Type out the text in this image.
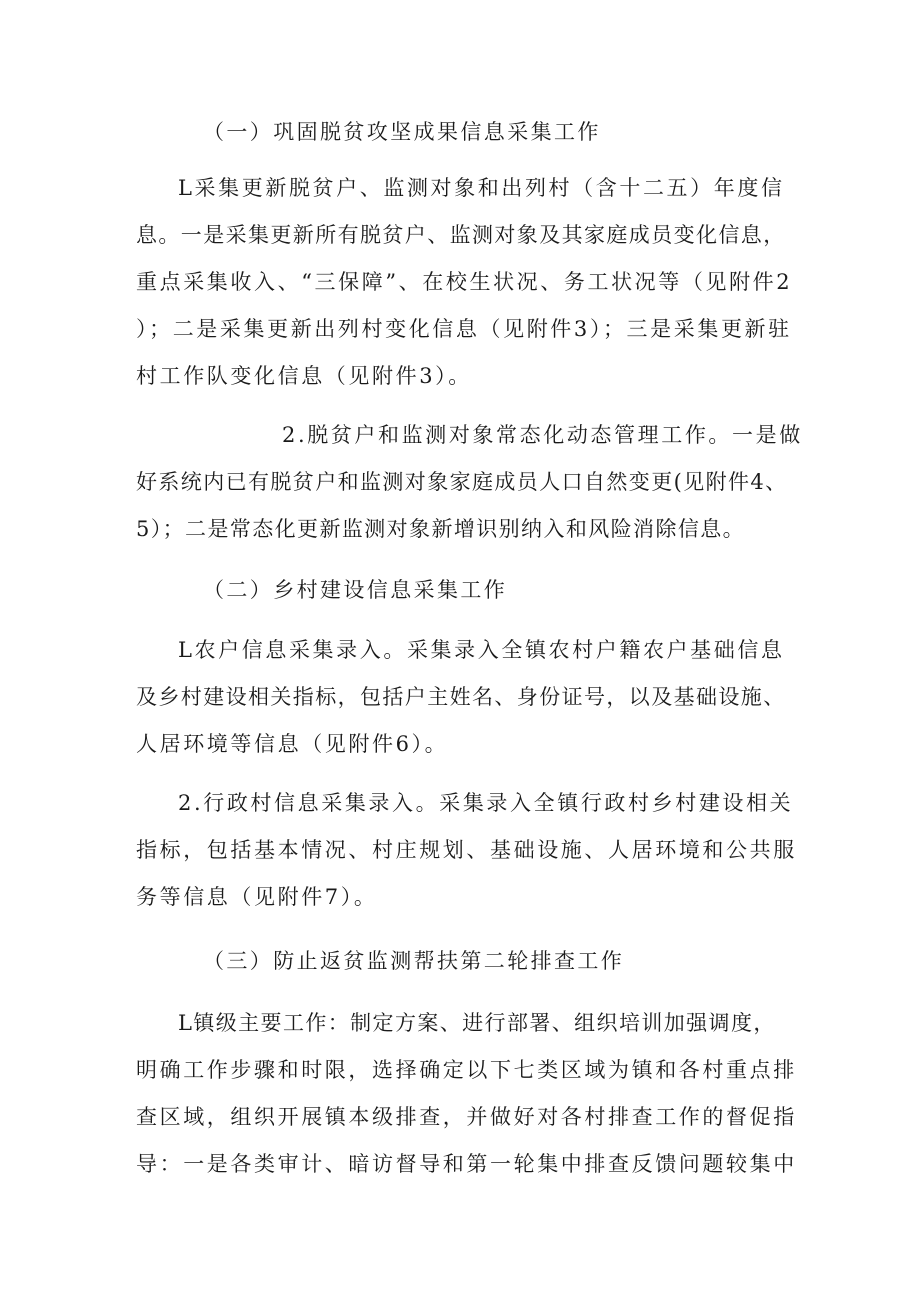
（一）巩固脱贫攻坚成果信息采集工作
L采集更新脱贫户、监测对象和出列村（含十二五）年度信
息。一是采集更新所有脱贫户、监测对象及其家庭成员变化信息，
重点采集收入、“三保障”、在校生状况、务工状况等（见附件2
）；二是采集更新出列村变化信息（见附件3）；三是采集更新驻
村工作队变化信息（见附件3）。
2.脱贫户和监测对象常态化动态管理工作。一是做
好系统内已有脱贫户和监测对象家庭成员人口自然变更(见附件4、
5）；二是常态化更新监测对象新增识别纳入和风险消除信息。
（二）乡村建设信息采集工作
L农户信息采集录入。采集录入全镇农村户籍农户基础信息
及乡村建设相关指标，包括户主姓名、身份证号，以及基础设施、
人居环境等信息（见附件6）。
2.行政村信息采集录入。采集录入全镇行政村乡村建设相关
指标，包括基本情况、村庄规划、基础设施、人居环境和公共服
务等信息（见附件7）。
（三）防止返贫监测帮扶第二轮排查工作
L镇级主要工作：制定方案、进行部署、组织培训加强调度，
明确工作步骤和时限，选择确定以下七类区域为镇和各村重点排
查区域，组织开展镇本级排查，并做好对各村排查工作的督促指
导：一是各类审计、暗访督导和第一轮集中排查反馈问题较集中
